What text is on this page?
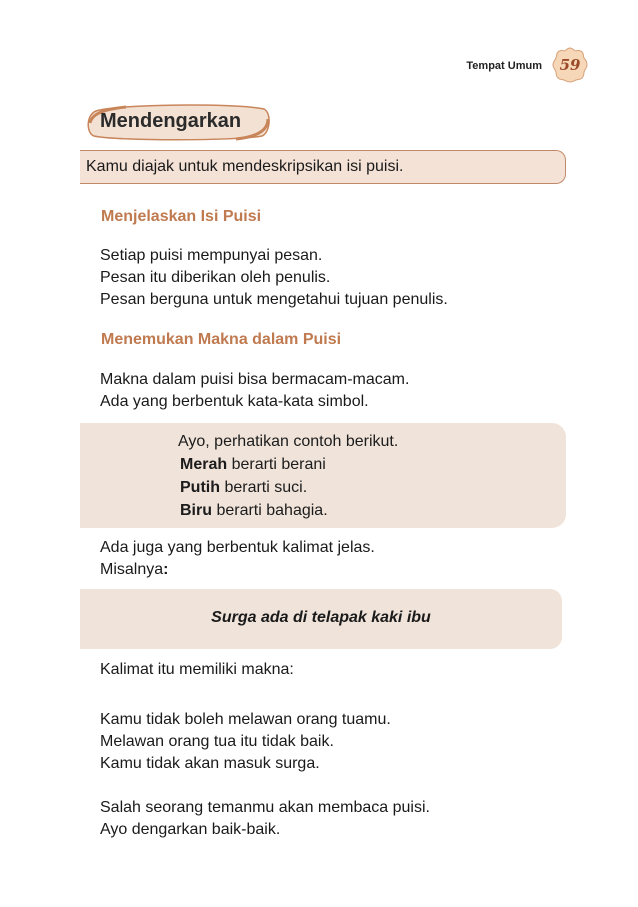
Tempat Umum	59
Mendengarkan
Kamu diajak untuk mendeskripsikan isi puisi.
Menjelaskan Isi Puisi
Setiap puisi mempunyai pesan.
Pesan itu diberikan oleh penulis.
Pesan berguna untuk mengetahui tujuan penulis.
Menemukan Makna dalam Puisi
Makna dalam puisi bisa bermacam-macam.
Ada yang berbentuk kata-kata simbol.
Ayo, perhatikan contoh berikut.
Merah berarti berani
Putih berarti suci.
Biru berarti bahagia.
Ada juga yang berbentuk kalimat jelas.
Misalnya:
Surga ada di telapak kaki ibu
Kalimat itu memiliki makna:
Kamu tidak boleh melawan orang tuamu.
Melawan orang tua itu tidak baik.
Kamu tidak akan masuk surga.
Salah seorang temanmu akan membaca puisi.
Ayo dengarkan baik-baik.
